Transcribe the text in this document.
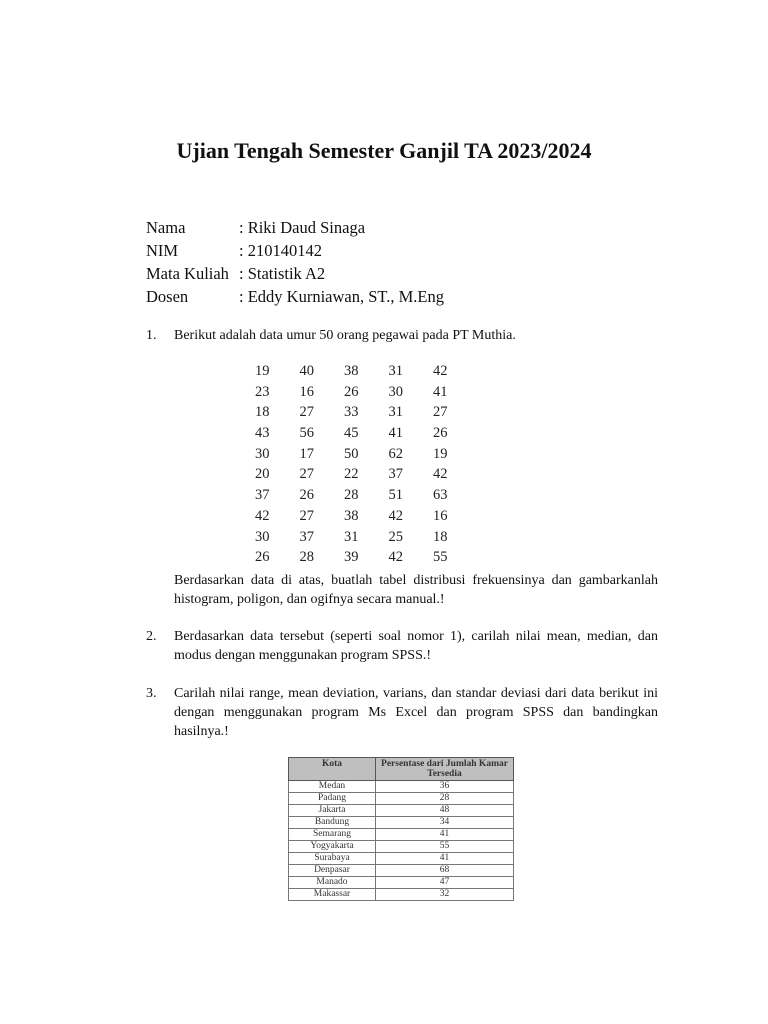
Ujian Tengah Semester Ganjil TA 2023/2024
Nama	: Riki Daud Sinaga
NIM	: 210140142
Mata Kuliah : Statistik A2
Dosen	: Eddy Kurniawan, ST., M.Eng
1. Berikut adalah data umur 50 orang pegawai pada PT Muthia.
19 40 38 31 42
23 16 26 30 41
18 27 33 31 27
43 56 45 41 26
30 17 50 62 19
20 27 22 37 42
37 26 28 51 63
42 27 38 42 16
30 37 31 25 18
26 28 39 42 55
Berdasarkan data di atas, buatlah tabel distribusi frekuensinya dan gambarkanlah histogram, poligon, dan ogifnya secara manual.!
2. Berdasarkan data tersebut (seperti soal nomor 1), carilah nilai mean, median, dan modus dengan menggunakan program SPSS.!
3. Carilah nilai range, mean deviation, varians, dan standar deviasi dari data berikut ini dengan menggunakan program Ms Excel dan program SPSS dan bandingkan hasilnya.!
Kota	Persentase dari Jumlah Kamar Tersedia
Medan	36
Padang	28
Jakarta	48
Bandung	34
Semarang	41
Yogyakarta	55
Surabaya	41
Denpasar	68
Manado	47
Makassar	32
